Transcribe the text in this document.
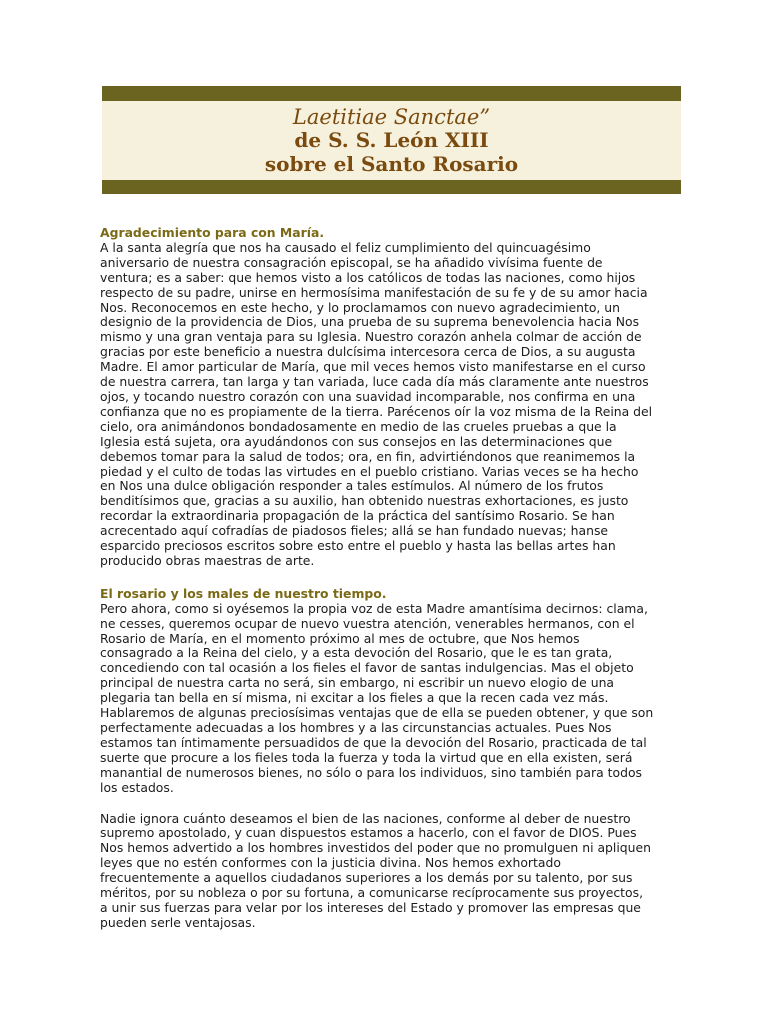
Laetitiae Sanctae”
de S. S. León XIII
sobre el Santo Rosario
Agradecimiento para con María.

A la santa alegría que nos ha causado el feliz cumplimiento del quincuagésimo
aniversario de nuestra consagración episcopal, se ha añadido vivísima fuente de
ventura; es a saber: que hemos visto a los católicos de todas las naciones, como hijos
respecto de su padre, unirse en hermosísima manifestación de su fe y de su amor hacia
Nos. Reconocemos en este hecho, y lo proclamamos con nuevo agradecimiento, un
designio de la providencia de Dios, una prueba de su suprema benevolencia hacia Nos
mismo y una gran ventaja para su Iglesia. Nuestro corazón anhela colmar de acción de
gracias por este beneficio a nuestra dulcísima intercesora cerca de Dios, a su augusta
Madre. El amor particular de María, que mil veces hemos visto manifestarse en el curso
de nuestra carrera, tan larga y tan variada, luce cada día más claramente ante nuestros
ojos, y tocando nuestro corazón con una suavidad incomparable, nos confirma en una
confianza que no es propiamente de la tierra. Parécenos oír la voz misma de la Reina del
cielo, ora animándonos bondadosamente en medio de las crueles pruebas a que la
Iglesia está sujeta, ora ayudándonos con sus consejos en las determinaciones que
debemos tomar para la salud de todos; ora, en fin, advirtiéndonos que reanimemos la
piedad y el culto de todas las virtudes en el pueblo cristiano. Varias veces se ha hecho
en Nos una dulce obligación responder a tales estímulos. Al número de los frutos
benditísimos que, gracias a su auxilio, han obtenido nuestras exhortaciones, es justo
recordar la extraordinaria propagación de la práctica del santísimo Rosario. Se han
acrecentado aquí cofradías de piadosos fieles; allá se han fundado nuevas; hanse
esparcido preciosos escritos sobre esto entre el pueblo y hasta las bellas artes han
producido obras maestras de arte.

El rosario y los males de nuestro tiempo.

Pero ahora, como si oyésemos la propia voz de esta Madre amantísima decirnos: clama,
ne cesses, queremos ocupar de nuevo vuestra atención, venerables hermanos, con el
Rosario de María, en el momento próximo al mes de octubre, que Nos hemos
consagrado a la Reina del cielo, y a esta devoción del Rosario, que le es tan grata,
concediendo con tal ocasión a los fieles el favor de santas indulgencias. Mas el objeto
principal de nuestra carta no será, sin embargo, ni escribir un nuevo elogio de una
plegaria tan bella en sí misma, ni excitar a los fieles a que la recen cada vez más.
Hablaremos de algunas preciosísimas ventajas que de ella se pueden obtener, y que son
perfectamente adecuadas a los hombres y a las circunstancias actuales. Pues Nos
estamos tan íntimamente persuadidos de que la devoción del Rosario, practicada de tal
suerte que procure a los fieles toda la fuerza y toda la virtud que en ella existen, será
manantial de numerosos bienes, no sólo o para los individuos, sino también para todos
los estados.

Nadie ignora cuánto deseamos el bien de las naciones, conforme al deber de nuestro
supremo apostolado, y cuan dispuestos estamos a hacerlo, con el favor de DIOS. Pues
Nos hemos advertido a los hombres investidos del poder que no promulguen ni apliquen
leyes que no estén conformes con la justicia divina. Nos hemos exhortado
frecuentemente a aquellos ciudadanos superiores a los demás por su talento, por sus
méritos, por su nobleza o por su fortuna, a comunicarse recíprocamente sus proyectos,
a unir sus fuerzas para velar por los intereses del Estado y promover las empresas que
pueden serle ventajosas.
